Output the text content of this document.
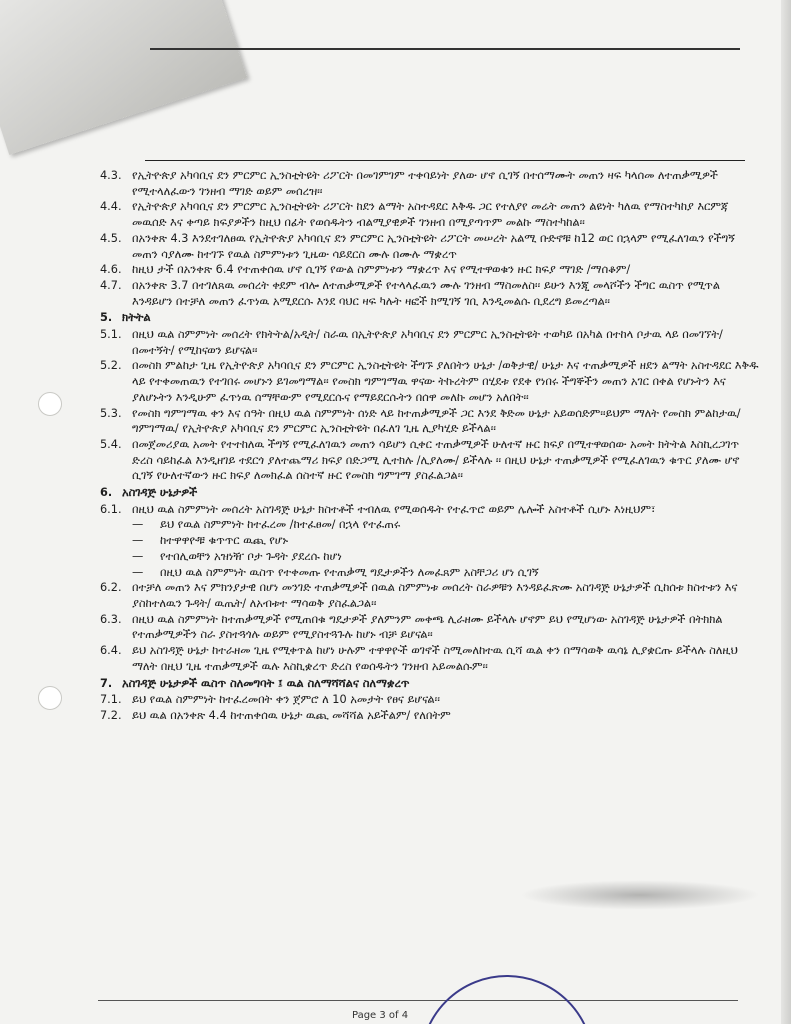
4.3. የኢትዮጵያ አካባቢና ደን ምርምር ኢንስቲትዩት ሪፖርት በመገምገም ተቀባይነት ያለው ሆኖ ሲገኝ በተሰማሙት መጠን ዛፍ ካላሰመ ለተጠቃሚዎች የሚተላለፈውን ገንዘብ ማገድ ወይም መሰረዝ፡፡
4.4. የኢትዮጵያ አካባቢና ደን ምርምር ኢንስቲትዩት ሪፖርት ከደን ልማት አስተዳደር እቅዱ ጋር የተለያየ መሬት መጠን ልዩነት ካለዉ የማስተካከያ እርምጃ መዉሰድ እና ቀጣይ ክፍያዎችን ከዚህ በፊት የወሰዱትን ብልሚያዊዎች ገንዘብ በሚያጣጥም መልኩ ማስተካከል፡፡
4.5. በአንቀጽ 4.3 እንደተገለፀዉ የኢትዮጵያ አካባቢና ደን ምርምር ኢንስቲትዩት ሪፖርት መሠረት አልሚ ቡድኖቹ ከ12 ወር በኋላም የሚፈለገዉን የችግኝ መጠን ሳያለሙ ከተገኙ የዉል ስምምነቱን ጊዜው ሳይደርስ ሙሉ በሙሉ ማቋረጥ
4.6. ከዚህ ታች በአንቀጽ 6.4 የተጠቀሰዉ ሆኖ ሲገኝ የውል ስምምነቱን ማቋረጥ እና የሚተዋወቁን ዙር ክፍያ ማገድ /ማሰቆም/
4.7. በአንቀጽ 3.7 በተገለጸዉ መሰረት ቀደም ብሎ ለተጠቃሚዎች የተላላፈዉን ሙሉ ገንዘብ ማስመለስ፡፡ ይሁን እንጂ መላሾችን ችግር ዉስጥ የሚጥል እንዳይሆን በተቻለ መጠን ፈጥነዉ አሚደርሱ እንደ ባህር ዛፍ ካሉት ዛፎች ክሚገኝ ገቢ እንዲመልሱ ቢደረግ ይመረጣል፡፡
5. ክትትል
5.1. በዚህ ዉል ስምምነት መሰረት የክትትል/አዲት/ ስራዉ በኢትዮጵያ አካባቢና ደን ምርምር ኢንስቲትዩት ተወካይ በአካል በተከላ ቦታዉ ላይ በመገኘት/ በመተኝት/ የሚከናወን ይሆናል፡፡
5.2. በመስክ ምልከታ ጊዜ የኢትዮጵያ አካባቢና ደን ምርምር ኢንስቲትዩት ችግኙ ያለበትን ሁኔታ /ወቅታዊ/ ሁኔታ እና ተጠቃሚዎች ዘደን ልማት አስተዳደር እቅዱ ላይ የተቀመጠዉን የተገበሩ መሆኑን ይገመግማል፡፡ የመስክ ግምገማዉ ዋናው ትኩረትም በሂደቱ የደቀ የነበሩ ችግኞችን መጠን አገር በቀል የሆኑትን እና ያለሆኑትን እንዲሁም ፈጥነዉ ሰማቸውም የሚደርሱና የማይደርሱትን በሰዋ መለኩ መሆን አለበት፡፡
5.3. የመስክ ግምገማዉ ቀን እና ሰዓት በዚህ ዉል ስምምነት ሰነድ ላይ ከተጠቃሚዎች ጋር እንደ ቅድመ ሁኔታ አይወሰድም፡፡ይህም ማለት የመስክ ምልከታዉ/ ግምገማዉ/ የኢትዮጵያ አካባቢና ደን ምርምር ኢንስቲትዩት በፈለገ ጊዜ ሊያካሂድ ይችላል፡፡
5.4. በመጀመሪያዉ አመት የተተከለዉ ችግኝ የሚፈለገዉን መጠን ሳይሆን ሲቀር ተጠቃሚዎች ሁለተኛ ዙር ክፍያ በሚተዋወሰው አመት ክትትል እስኪረጋገጥ ድረስ ሳይከፈል እንዲዘገይ ተደርጎ ያለተጨማሪ ክፍያ በድጋሚ ሊተክሉ /ሊያለሙ/ ይችላሉ ፡፡ በዚህ ሁኔታ ተጠቃሚዎች የሚፈለገዉን ቁጥር ያለሙ ሆኖ ሲገኝ የሁለተኛውን ዙር ክፍያ ለመክፈል ሰስተኛ ዙር የመስክ ግምገማ ያስፈልጋል፡፡
6. አስገዳጅ ሁኔታዎች
6.1. በዚህ ዉል ስምምነት መሰረት አስገዳጅ ሁኔታ ክስተቶች ተብለዉ የሚወሰዱት የተፈጥሮ ወይም ሌሎች አስተቶች ሲሆኑ እነዚህም፣
—	ይህ የዉል ስምምነት ከተፈረመ /ከተፈፀመ/ በኋላ የተፈጠሩ
—	ከተዋዋዮቹ ቁጥጥር ዉጪ የሆኑ
—	የተበሊወቸን አዝነዥ ቦታ ጉዳት ያደረሱ ከሆነ
—	በዚህ ዉል ስምምነት ዉስጥ የተቀመጡ የተጠቃሚ ግዴታዎችን ለመፈጸም አስቸጋሪ ሆነ ሲገኝ
6.2. በተቻለ መጠን እና ምክንያታዊ በሆነ መንገድ ተጠቃሚዎች በዉል ስምምነቱ መሰረት ስራዎቹን እንዳይፈጽሙ አስገዳጅ ሁኔታዎች ሲከሰቱ ክስተቱን እና ያስከተለዉን ጉዳት/ ዉጤት/ ለአብቱተ ማሳወቅ ያስፈልጋል፡፡
6.3. በዚህ ዉል ስምምነት ከተጠቃሚዎች የሚጠበቁ ግዴታዎች ያለምንም መቀጫ ሊራዘሙ ይችላሉ ሆኖም ይህ የሚሆነው አስገዳጅ ሁኔታዎች በትክክል የተጠቃሚዎችን ስራ ያስተጓጎሉ ወይም የሚያስተጓጉሉ ከሆኑ ብቻ ይሆናል፡፡
6.4. ይህ አስገዳጅ ሁኔታ ከተራዘመ ጊዜ የሚቀጥል ከሆነ ሁሉም ተዋዋዮች ወገኖች ስሚመለከተዉ ሲሻ ዉል ቀን በማሳወቅ ዉሳኔ ሊያቋርጡ ይችላሉ ስለዚህ ማለት በዚህ ጊዜ ተጠቃሚዎች ዉሉ እስኪቋረጥ ድረስ የወሰዱትን ገንዘብ አይመልሱም፡፡
7. አስገዳጅ ሁኔታዎች ዉስጥ ስለመግባት ፤ ዉል ስለማሻሻልና ስለማቋረጥ
7.1. ይህ የዉል ስምምነት ከተፈረመበት ቀን ጀምሮ ለ 10 አመታት የፀና ይሆናል፡፡
7.2. ይህ ዉል በአንቀጽ 4.4 ከተጠቀሰዉ ሁኔታ ዉጪ መሻሻል አይችልም/ የለበትም
Page 3 of 4
